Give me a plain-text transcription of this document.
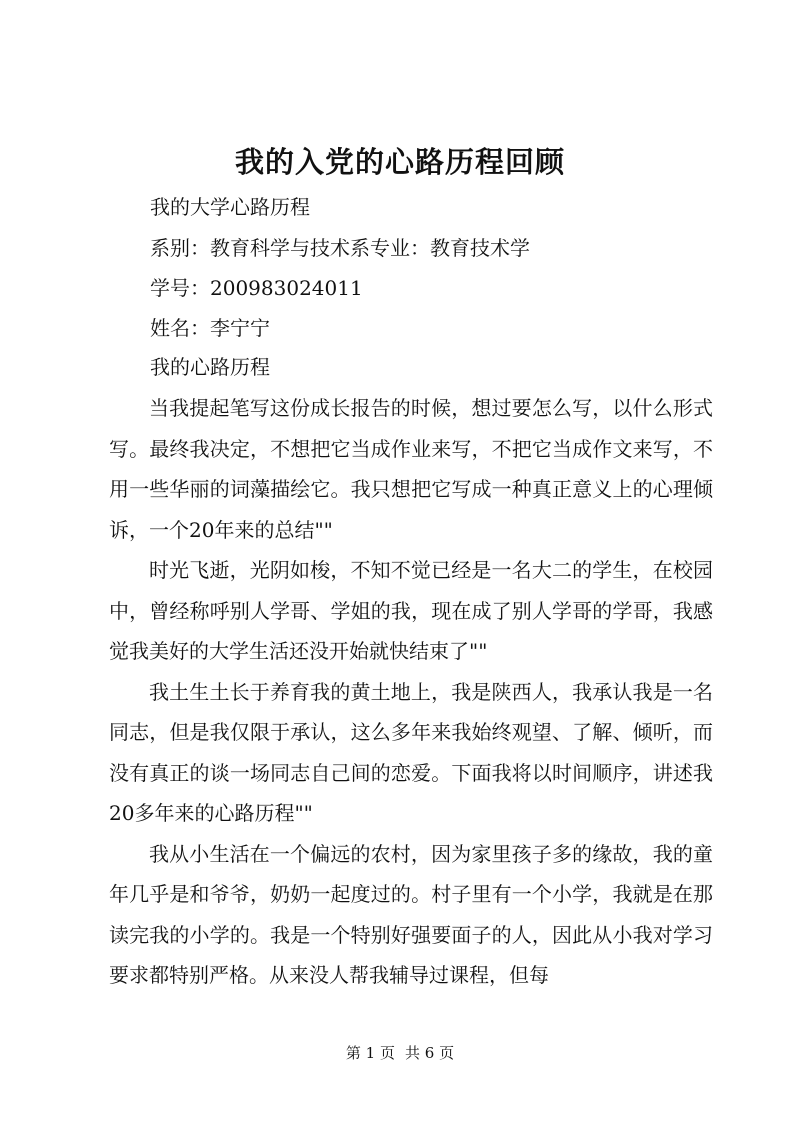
我的入党的心路历程回顾
我的大学心路历程
系别：教育科学与技术系专业：教育技术学
学号：200983024011
姓名：李宁宁
我的心路历程

当我提起笔写这份成长报告的时候，想过要怎么写，以什么形式写。最终我决定，不想把它当成作业来写，不把它当成作文来写，不用一些华丽的词藻描绘它。我只想把它写成一种真正意义上的心理倾诉，一个20年来的总结""

时光飞逝，光阴如梭，不知不觉已经是一名大二的学生，在校园中，曾经称呼别人学哥、学姐的我，现在成了别人学哥的学哥，我感觉我美好的大学生活还没开始就快结束了""

我土生土长于养育我的黄土地上，我是陕西人，我承认我是一名同志，但是我仅限于承认，这么多年来我始终观望、了解、倾听，而没有真正的谈一场同志自己间的恋爱。下面我将以时间顺序，讲述我20多年来的心路历程""

我从小生活在一个偏远的农村，因为家里孩子多的缘故，我的童年几乎是和爷爷，奶奶一起度过的。村子里有一个小学，我就是在那读完我的小学的。我是一个特别好强要面子的人，因此从小我对学习要求都特别严格。从来没人帮我辅导过课程，但每

第 1 页 共 6 页
